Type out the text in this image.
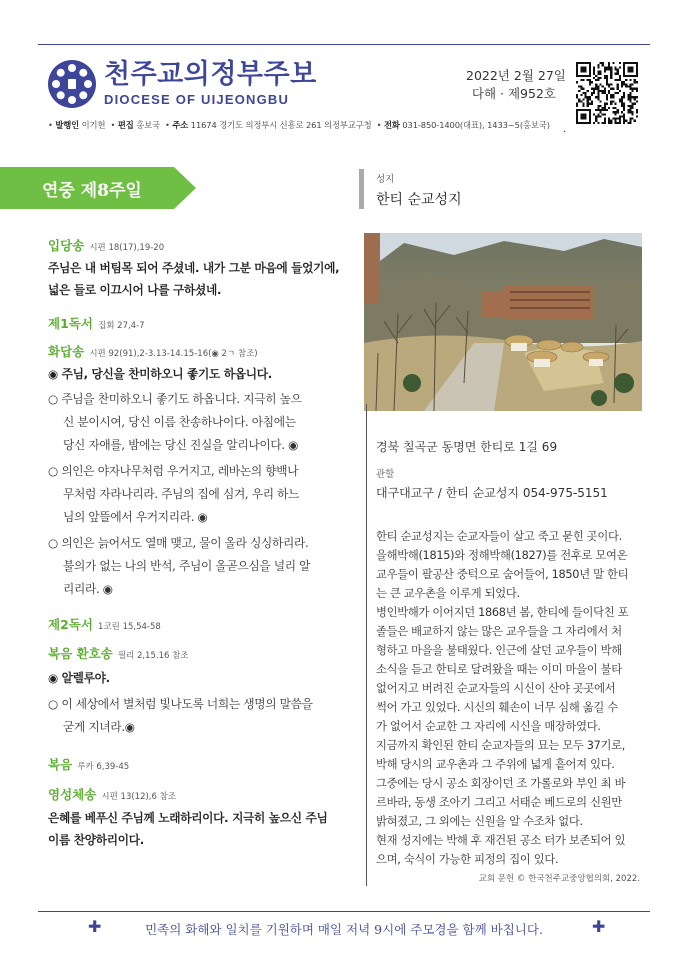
천주교의정부주보
DIOCESE OF UIJEONGBU
2022년 2월 27일
다해 · 제952호
• 발행인 이기헌 • 편집 홍보국 • 주소 11674 경기도 의정부시 신흥로 261 의정부교구청 • 전화 031-850-1400(대표), 1433~5(홍보국) .
연중 제8주일
입당송 시편 18(17),19-20
주님은 내 버팀목 되어 주셨네. 내가 그분 마음에 들었기에,
넓은 들로 이끄시어 나를 구하셨네.
제1독서 집회 27,4-7
화답송 시편 92(91),2-3.13-14.15-16(◉ 2ㄱ 참조)
◉ 주님, 당신을 찬미하오니 좋기도 하옵니다.
○ 주님을 찬미하오니 좋기도 하옵니다. 지극히 높으
신 분이시여, 당신 이름 찬송하나이다. 아침에는
당신 자애를, 밤에는 당신 진실을 알리나이다. ◉
○ 의인은 야자나무처럼 우거지고, 레바논의 향백나
무처럼 자라나리라. 주님의 집에 심겨, 우리 하느
님의 앞뜰에서 우거지리라. ◉
○ 의인은 늙어서도 열매 맺고, 물이 올라 싱싱하리라.
불의가 없는 나의 반석, 주님이 올곧으심을 널리 알
리리라. ◉
제2독서 1코린 15,54-58
복음 환호송 필리 2,15.16 참조
◉ 알렐루야.
○ 이 세상에서 별처럼 빛나도록 너희는 생명의 말씀을
굳게 지녀라.◉
복음 루카 6,39-45
영성체송 시편 13(12),6 참조
은혜를 베푸신 주님께 노래하리이다. 지극히 높으신 주님
이름 찬양하리이다.
성지
한티 순교성지
경북 칠곡군 동명면 한티로 1길 69
관할
대구대교구 / 한티 순교성지 054-975-5151
한티 순교성지는 순교자들이 살고 죽고 묻힌 곳이다.
을해박해(1815)와 정해박해(1827)를 전후로 모여온
교우들이 팔공산 중턱으로 숨어들어, 1850년 말 한티
는 큰 교우촌을 이루게 되었다.
병인박해가 이어지던 1868년 봄, 한티에 들이닥친 포
졸들은 배교하지 않는 많은 교우들을 그 자리에서 처
형하고 마을을 불태웠다. 인근에 살던 교우들이 박해
소식을 듣고 한티로 달려왔을 때는 이미 마을이 불타
없어지고 버려진 순교자들의 시신이 산야 곳곳에서
썩어 가고 있었다. 시신의 훼손이 너무 심해 옮길 수
가 없어서 순교한 그 자리에 시신을 매장하였다.
지금까지 확인된 한티 순교자들의 묘는 모두 37기로,
박해 당시의 교우촌과 그 주위에 넓게 흩어져 있다.
그중에는 당시 공소 회장이던 조 가롤로와 부인 최 바
르바라, 동생 조아기 그리고 서태순 베드로의 신원만
밝혀졌고, 그 외에는 신원을 알 수조차 없다.
현재 성지에는 박해 후 재건된 공소 터가 보존되어 있
으며, 숙식이 가능한 피정의 집이 있다.
교회 문헌 © 한국천주교중앙협의회, 2022.
✚	민족의 화해와 일치를 기원하며 매일 저녁 9시에 주모경을 함께 바칩니다.	✚
